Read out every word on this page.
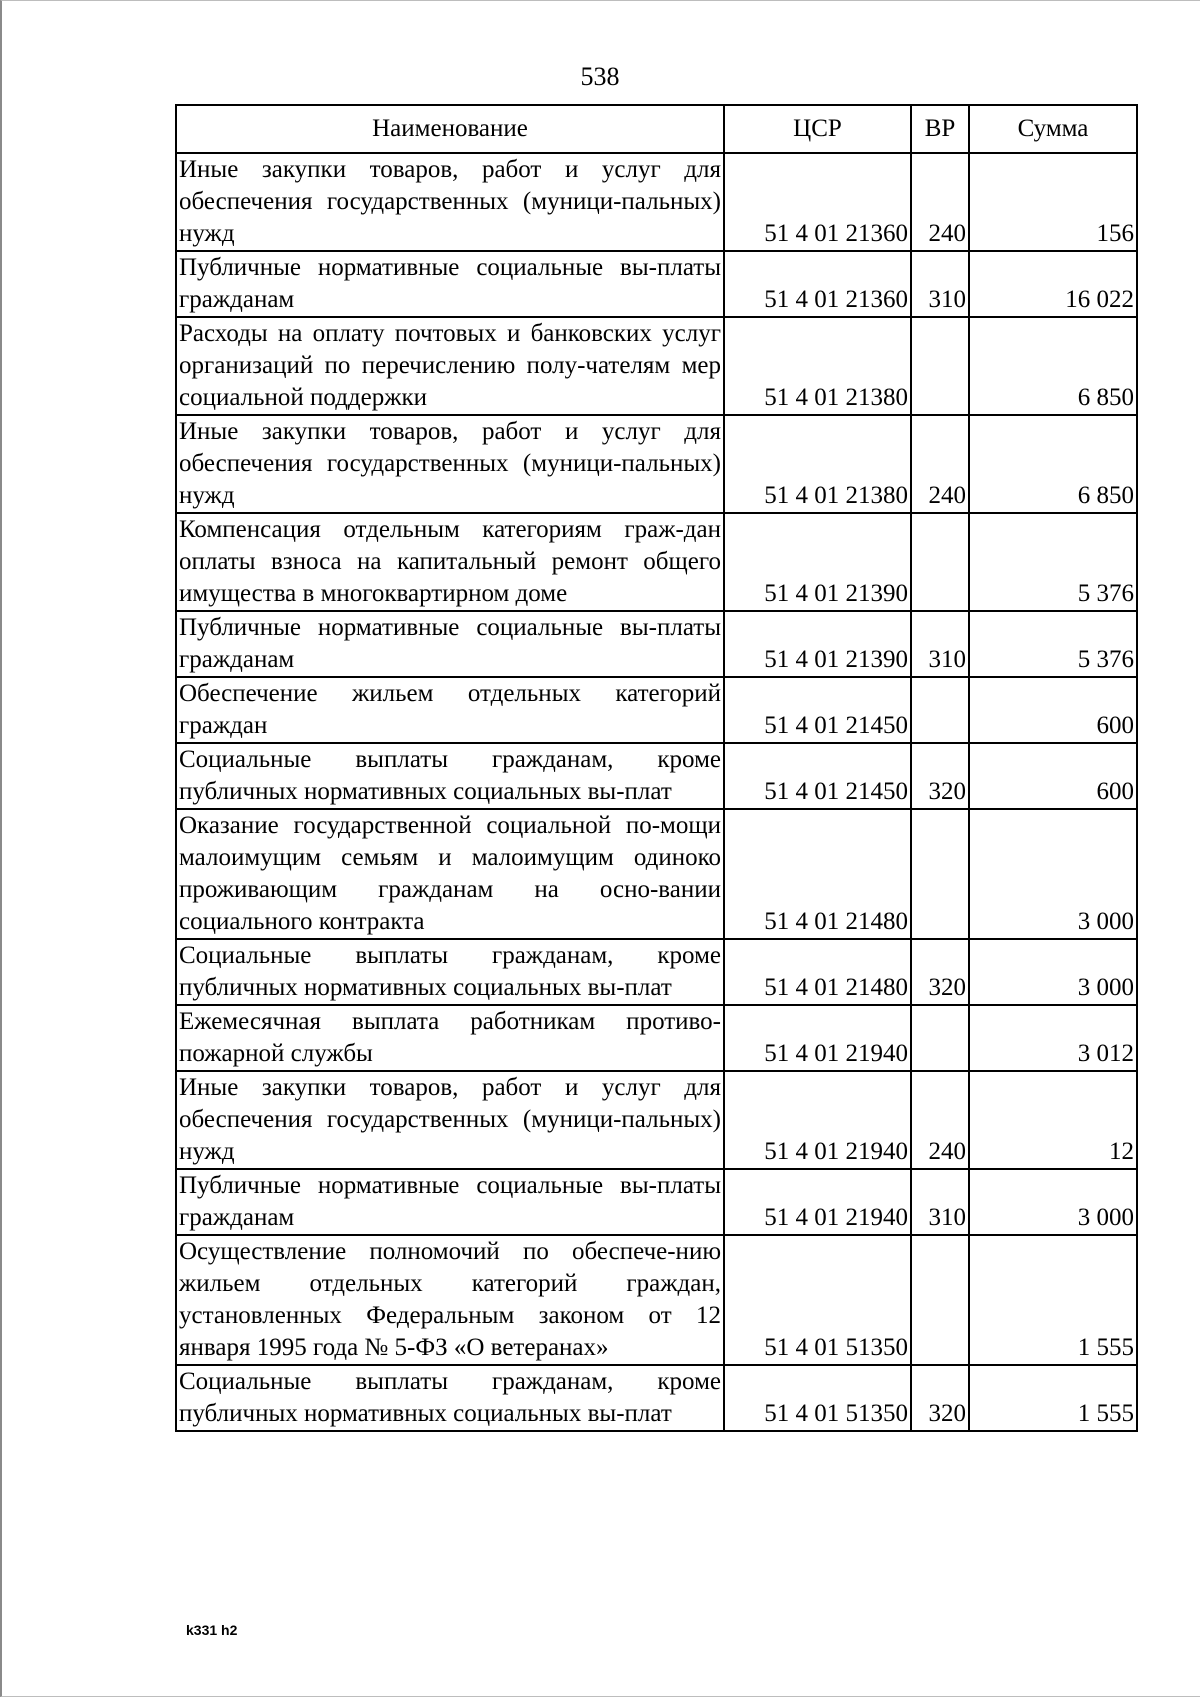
538
Наименование	ЦСР	ВР	Сумма
Иные закупки товаров, работ и услуг для обеспечения государственных (муници-пальных) нужд	51 4 01 21360	240	156
Публичные нормативные социальные вы-платы гражданам	51 4 01 21360	310	16 022
Расходы на оплату почтовых и банковских услуг организаций по перечислению полу-чателям мер социальной поддержки	51 4 01 21380		6 850
Иные закупки товаров, работ и услуг для обеспечения государственных (муници-пальных) нужд	51 4 01 21380	240	6 850
Компенсация отдельным категориям граж-дан оплаты взноса на капитальный ремонт общего имущества в многоквартирном доме	51 4 01 21390		5 376
Публичные нормативные социальные вы-платы гражданам	51 4 01 21390	310	5 376
Обеспечение жильем отдельных категорий граждан	51 4 01 21450		600
Социальные выплаты гражданам, кроме публичных нормативных социальных вы-плат	51 4 01 21450	320	600
Оказание государственной социальной по-мощи малоимущим семьям и малоимущим одиноко проживающим гражданам на осно-вании социального контракта	51 4 01 21480		3 000
Социальные выплаты гражданам, кроме публичных нормативных социальных вы-плат	51 4 01 21480	320	3 000
Ежемесячная выплата работникам противо-пожарной службы	51 4 01 21940		3 012
Иные закупки товаров, работ и услуг для обеспечения государственных (муници-пальных) нужд	51 4 01 21940	240	12
Публичные нормативные социальные вы-платы гражданам	51 4 01 21940	310	3 000
Осуществление полномочий по обеспече-нию жильем отдельных категорий граждан, установленных Федеральным законом от 12 января 1995 года № 5-ФЗ «О ветеранах»	51 4 01 51350		1 555
Социальные выплаты гражданам, кроме публичных нормативных социальных вы-плат	51 4 01 51350	320	1 555
k331 h2
